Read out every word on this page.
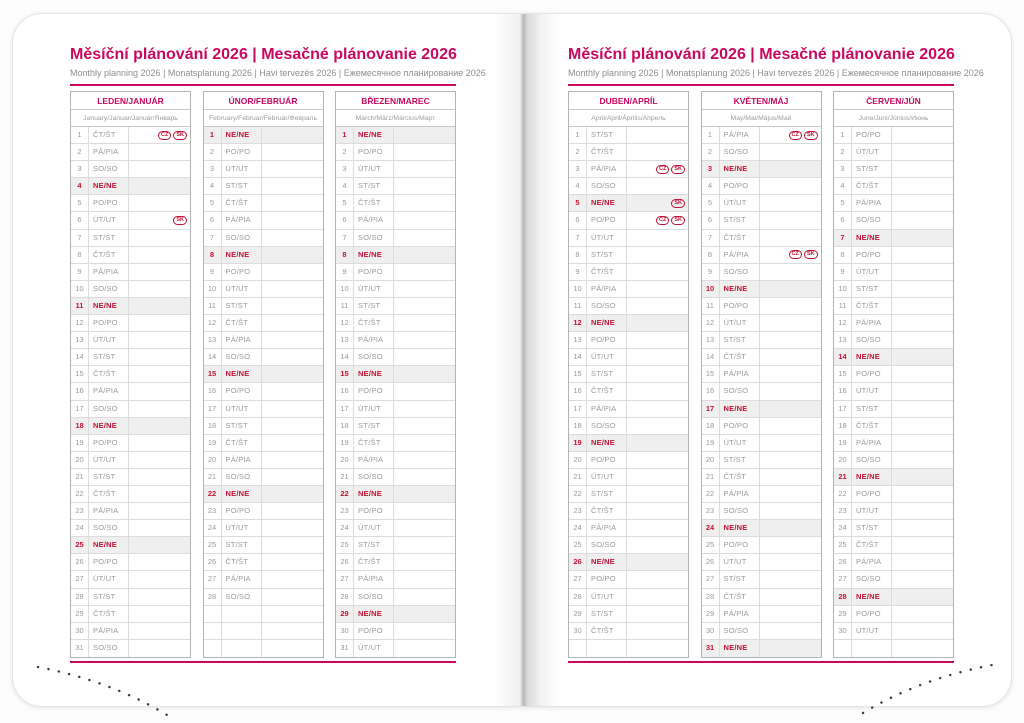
Měsíční plánování 2026 | Mesačné plánovanie 2026
Monthly planning 2026 | Monatsplanung 2026 | Havi tervezés 2026 | Ежемесячное планирование 2026
LEDEN/JANUÁR
January/Januar/Január/Январь
1	ČT/ŠT	CZ	SK
2	PÁ/PIA
3	SO/SO
4	NE/NE
5	PO/PO
6	ÚT/UT	SK
7	ST/ST
8	ČT/ŠT
9	PÁ/PIA
10	SO/SO
11	NE/NE
12	PO/PO
13	ÚT/UT
14	ST/ST
15	ČT/ŠT
16	PÁ/PIA
17	SO/SO
18	NE/NE
19	PO/PO
20	ÚT/UT
21	ST/ST
22	ČT/ŠT
23	PÁ/PIA
24	SO/SO
25	NE/NE
26	PO/PO
27	ÚT/UT
28	ST/ST
29	ČT/ŠT
30	PÁ/PIA
31	SO/SO
ÚNOR/FEBRUÁR
February/Februar/Február/Февраль
1	NE/NE
2	PO/PO
3	ÚT/UT
4	ST/ST
5	ČT/ŠT
6	PÁ/PIA
7	SO/SO
8	NE/NE
9	PO/PO
10	ÚT/UT
11	ST/ST
12	ČT/ŠT
13	PÁ/PIA
14	SO/SO
15	NE/NE
16	PO/PO
17	ÚT/UT
18	ST/ST
19	ČT/ŠT
20	PÁ/PIA
21	SO/SO
22	NE/NE
23	PO/PO
24	ÚT/UT
25	ST/ST
26	ČT/ŠT
27	PÁ/PIA
28	SO/SO
BŘEZEN/MAREC
March/März/Március/Март
1	NE/NE
2	PO/PO
3	ÚT/UT
4	ST/ST
5	ČT/ŠT
6	PÁ/PIA
7	SO/SO
8	NE/NE
9	PO/PO
10	ÚT/UT
11	ST/ST
12	ČT/ŠT
13	PÁ/PIA
14	SO/SO
15	NE/NE
16	PO/PO
17	ÚT/UT
18	ST/ST
19	ČT/ŠT
20	PÁ/PIA
21	SO/SO
22	NE/NE
23	PO/PO
24	ÚT/UT
25	ST/ST
26	ČT/ŠT
27	PÁ/PIA
28	SO/SO
29	NE/NE
30	PO/PO
31	ÚT/UT
Měsíční plánování 2026 | Mesačné plánovanie 2026
Monthly planning 2026 | Monatsplanung 2026 | Havi tervezés 2026 | Ежемесячное планирование 2026
DUBEN/APRÍL
April/April/Április/Апрель
1	ST/ST
2	ČT/ŠT
3	PÁ/PIA	CZ	SK
4	SO/SO
5	NE/NE	SK
6	PO/PO	CZ	SK
7	ÚT/UT
8	ST/ST
9	ČT/ŠT
10	PÁ/PIA
11	SO/SO
12	NE/NE
13	PO/PO
14	ÚT/UT
15	ST/ST
16	ČT/ŠT
17	PÁ/PIA
18	SO/SO
19	NE/NE
20	PO/PO
21	ÚT/UT
22	ST/ST
23	ČT/ŠT
24	PÁ/PIA
25	SO/SO
26	NE/NE
27	PO/PO
28	ÚT/UT
29	ST/ST
30	ČT/ŠT
KVĚTEN/MÁJ
May/Mai/Május/Май
1	PÁ/PIA	CZ	SK
2	SO/SO
3	NE/NE
4	PO/PO
5	ÚT/UT
6	ST/ST
7	ČT/ŠT
8	PÁ/PIA	CZ	SK
9	SO/SO
10	NE/NE
11	PO/PO
12	ÚT/UT
13	ST/ST
14	ČT/ŠT
15	PÁ/PIA
16	SO/SO
17	NE/NE
18	PO/PO
19	ÚT/UT
20	ST/ST
21	ČT/ŠT
22	PÁ/PIA
23	SO/SO
24	NE/NE
25	PO/PO
26	ÚT/UT
27	ST/ST
28	ČT/ŠT
29	PÁ/PIA
30	SO/SO
31	NE/NE
ČERVEN/JÚN
June/Juni/Június/Июнь
1	PO/PO
2	ÚT/UT
3	ST/ST
4	ČT/ŠT
5	PÁ/PIA
6	SO/SO
7	NE/NE
8	PO/PO
9	ÚT/UT
10	ST/ST
11	ČT/ŠT
12	PÁ/PIA
13	SO/SO
14	NE/NE
15	PO/PO
16	ÚT/UT
17	ST/ST
18	ČT/ŠT
19	PÁ/PIA
20	SO/SO
21	NE/NE
22	PO/PO
23	ÚT/UT
24	ST/ST
25	ČT/ŠT
26	PÁ/PIA
27	SO/SO
28	NE/NE
29	PO/PO
30	ÚT/UT
